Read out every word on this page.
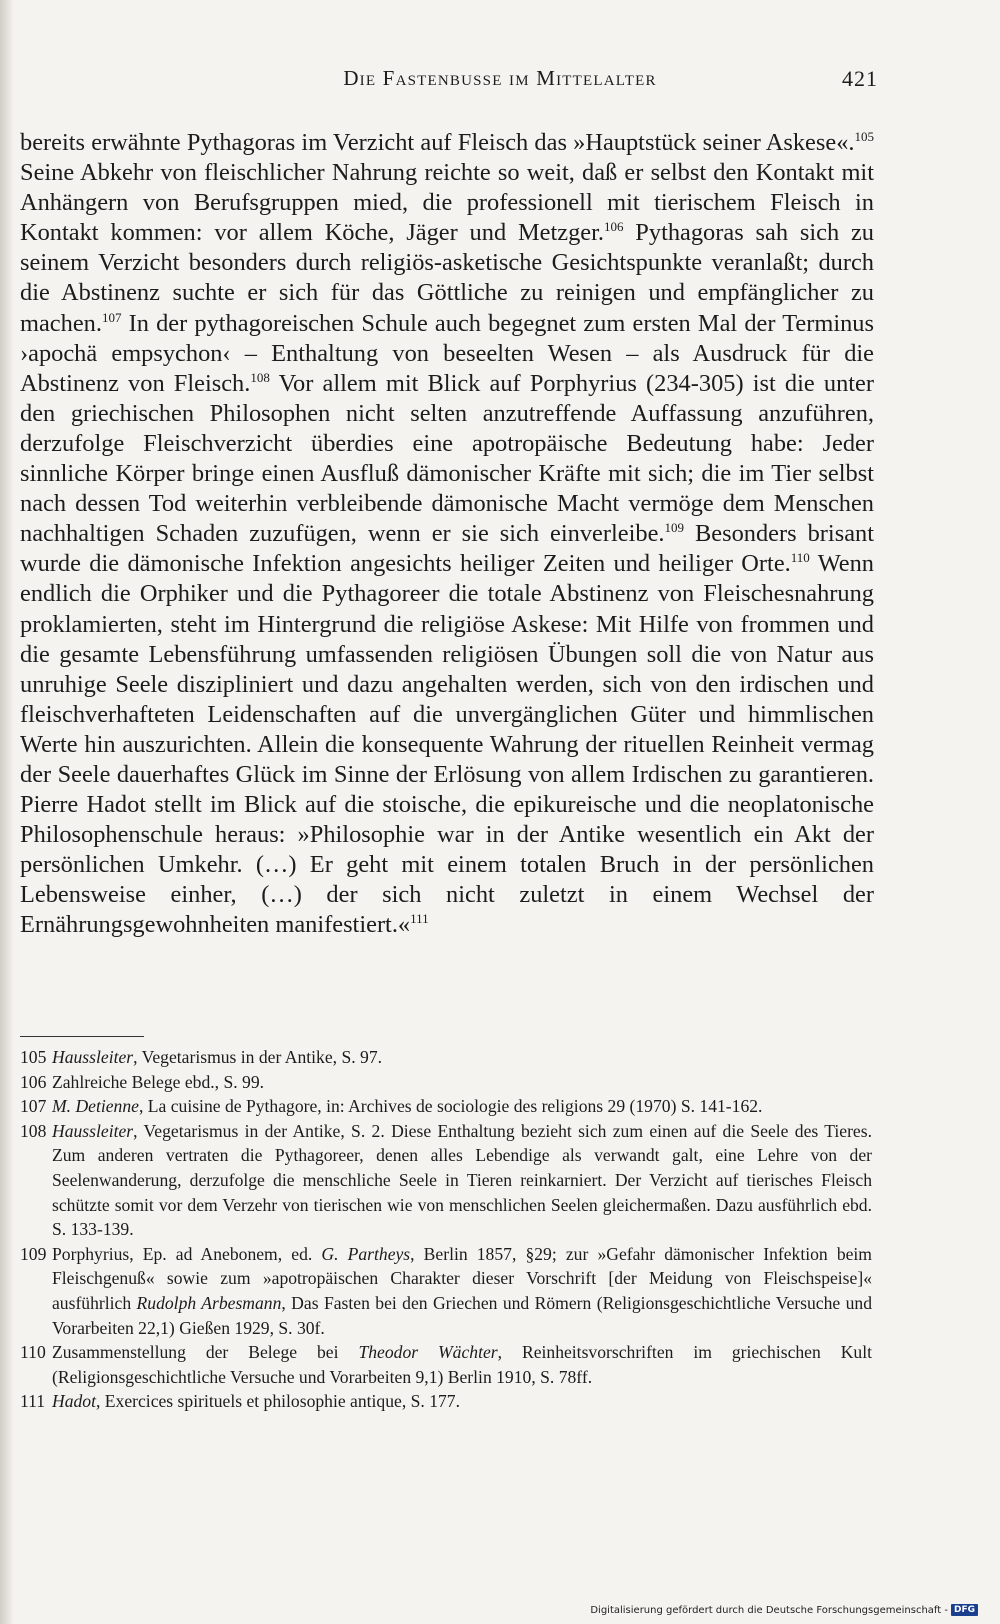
Die Fastenbusse im Mittelalter	421
bereits erwähnte Pythagoras im Verzicht auf Fleisch das »Hauptstück seiner Askese«.$^{105}$ Seine Abkehr von fleischlicher Nahrung reichte so weit, daß er selbst den Kontakt mit Anhängern von Berufsgruppen mied, die professionell mit tierischem Fleisch in Kontakt kommen: vor allem Köche, Jäger und Metzger.$^{106}$ Pythagoras sah sich zu seinem Verzicht besonders durch religiös-asketische Gesichtspunkte veranlaßt; durch die Abstinenz suchte er sich für das Göttliche zu reinigen und empfänglicher zu machen.$^{107}$ In der pythagoreischen Schule auch begegnet zum ersten Mal der Terminus ›apochä empsychon‹ – Enthaltung von beseelten Wesen – als Ausdruck für die Abstinenz von Fleisch.$^{108}$ Vor allem mit Blick auf Porphyrius (234-305) ist die unter den griechischen Philosophen nicht selten anzutreffende Auffassung anzuführen, derzufolge Fleischverzicht überdies eine apotropäische Bedeutung habe: Jeder sinnliche Körper bringe einen Ausfluß dämonischer Kräfte mit sich; die im Tier selbst nach dessen Tod weiterhin verbleibende dämonische Macht vermöge dem Menschen nachhaltigen Schaden zuzufügen, wenn er sie sich einverleibe.$^{109}$ Besonders brisant wurde die dämonische Infektion angesichts heiliger Zeiten und heiliger Orte.$^{110}$ Wenn endlich die Orphiker und die Pythagoreer die totale Abstinenz von Fleischesnahrung proklamierten, steht im Hintergrund die religiöse Askese: Mit Hilfe von frommen und die gesamte Lebensführung umfassenden religiösen Übungen soll die von Natur aus unruhige Seele diszipliniert und dazu angehalten werden, sich von den irdischen und fleischverhafteten Leidenschaften auf die unvergänglichen Güter und himmlischen Werte hin auszurichten. Allein die konsequente Wahrung der rituellen Reinheit vermag der Seele dauerhaftes Glück im Sinne der Erlösung von allem Irdischen zu garantieren. Pierre Hadot stellt im Blick auf die stoische, die epikureische und die neoplatonische Philosophenschule heraus: »Philosophie war in der Antike wesentlich ein Akt der persönlichen Umkehr. (…) Er geht mit einem totalen Bruch in der persönlichen Lebensweise einher, (…) der sich nicht zuletzt in einem Wechsel der Ernährungsgewohnheiten manifestiert.«$^{111}$

105 Haussleiter, Vegetarismus in der Antike, S. 97.

106 Zahlreiche Belege ebd., S. 99.

107 M. Detienne, La cuisine de Pythagore, in: Archives de sociologie des religions 29 (1970) S. 141-162.

108 Haussleiter, Vegetarismus in der Antike, S. 2. Diese Enthaltung bezieht sich zum einen auf die Seele des Tieres. Zum anderen vertraten die Pythagoreer, denen alles Lebendige als verwandt galt, eine Lehre von der Seelenwanderung, derzufolge die menschliche Seele in Tieren reinkarniert. Der Verzicht auf tierisches Fleisch schützte somit vor dem Verzehr von tierischen wie von menschlichen Seelen gleichermaßen. Dazu ausführlich ebd. S. 133-139.

109 Porphyrius, Ep. ad Anebonem, ed. G. Partheys, Berlin 1857, §29; zur »Gefahr dämonischer Infektion beim Fleischgenuß« sowie zum »apotropäischen Charakter dieser Vorschrift [der Meidung von Fleischspeise]« ausführlich Rudolph Arbesmann, Das Fasten bei den Griechen und Römern (Religionsgeschichtliche Versuche und Vorarbeiten 22,1) Gießen 1929, S. 30f.

110 Zusammenstellung der Belege bei Theodor Wächter, Reinheitsvorschriften im griechischen Kult (Religionsgeschichtliche Versuche und Vorarbeiten 9,1) Berlin 1910, S. 78ff.

111 Hadot, Exercices spirituels et philosophie antique, S. 177.

Digitalisierung gefördert durch die Deutsche Forschungsgemeinschaft - DFG
